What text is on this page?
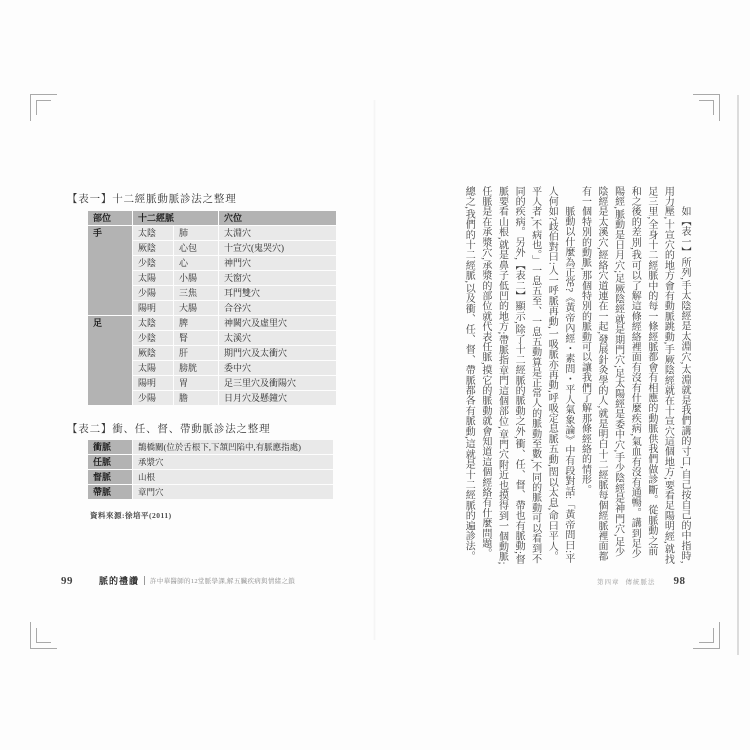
【表一】十二經脈動脈診法之整理
部位	十二經脈		穴位
手	太陰	肺	太淵穴
	厥陰	心包	十宣穴(鬼哭穴)
	少陰	心	神門穴
	太陽	小腸	天窗穴
	少陽	三焦	耳門雙穴
	陽明	大腸	合谷穴
足	太陰	脾	神闕穴及虛里穴
	少陰	腎	太溪穴
	厥陰	肝	期門穴及太衝穴
	太陽	膀胱	委中穴
	陽明	胃	足三里穴及衝陽穴
	少陽	膽	日月穴及懸鐘穴
【表二】衝、任、督、帶動脈診法之整理
衝脈	鵲橋關(位於舌根下,下頷凹陷中,有脈應指處)
任脈	承漿穴
督脈	山根
帶脈	章門穴
資料來源:徐培平(2011)
99	脈的禮讚 許中華醫師的12堂脈學課,解五臟疾病與情緒之鎖

如【表一】所列,手太陰經是太淵穴,太淵就是我們講的寸口,自己按自己的中指時,用力壓,十宣穴的地方會有動脈跳動,手厥陰經就在十宣穴這個地方;要看足陽明經,就找足三里,全身十二經脈中的每一條經脈都會有相應的動脈供我們做診斷。從脈動之前和之後的差別,我可以了解這條經絡裡面有沒有什麼疾病,氣血有沒有通暢。講到足少陽經,脈動是日月穴;足厥陰經就是期門穴;足太陽經是委中穴,手少陰經是神門穴,足少陰經是太溪穴,經絡穴道連在一起,發展針灸學的人,就是明白十二經脈每個經脈裡面都有一個特別的動脈,那個特別的脈動可以讓我們了解那條經絡的情形。

脈動以什麼為正常?《黃帝內經・素問・平人氣象論》中有段對話:「黃帝問曰:平人何如?歧伯對曰:人一呼脈再動,一吸脈亦再動,呼吸定息脈五動,閏以太息,命曰平人。平人者,不病也。」一息五至、一息五動算是正常人的脈動至數,不同的脈動可以看到不同的疾病。另外,【表二】顯示,除了十二經脈的脈動之外,衝、任、督、帶也有脈動;督脈要看山根,就是鼻子低凹的地方;帶脈指章門這個部位,章門穴附近也摸得到一個動脈;任脈是在承漿穴,承漿的部位就代表任脈,摸它的脈動就會知道這個經絡有什麼問題。總之,我們的十二經脈,以及衝、任、督、帶脈都各有脈動,這就是十二經脈的遍診法。

第四章 傳統脈法 98
